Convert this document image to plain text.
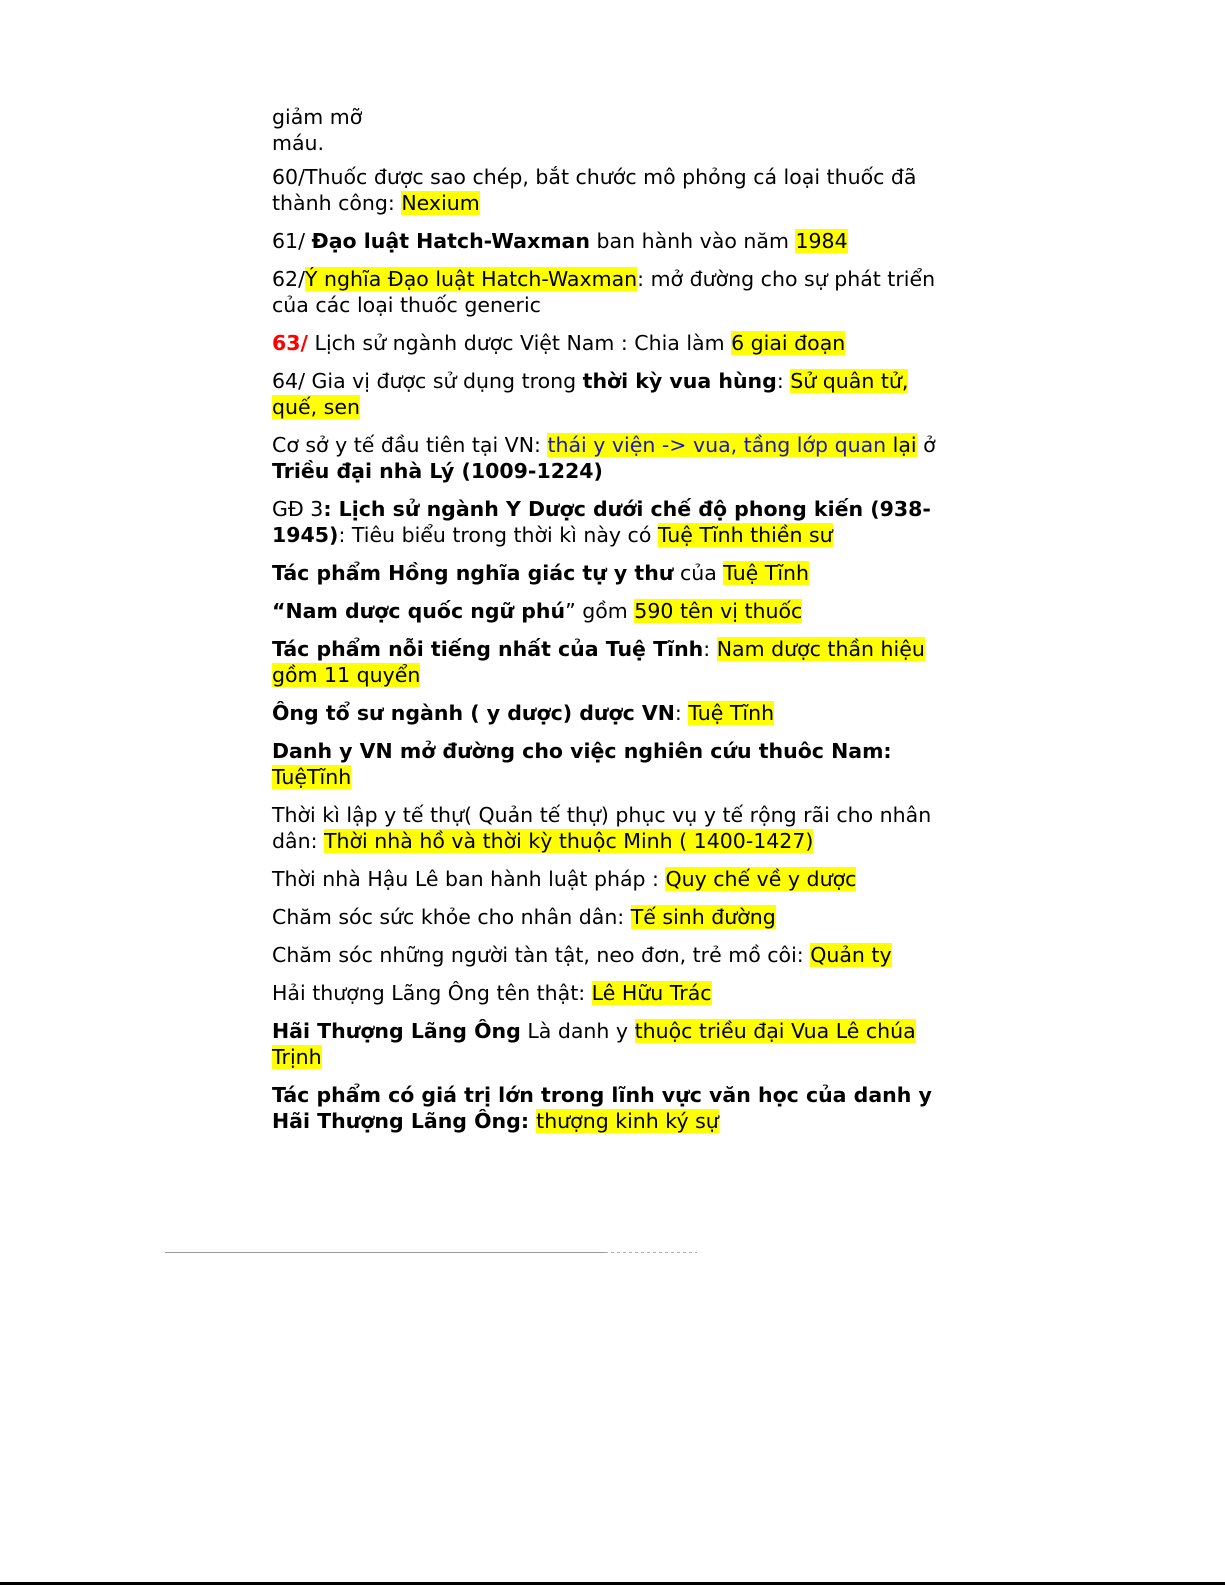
giảm mỡ
máu.

60/Thuốc được sao chép, bắt chước mô phỏng cá loại thuốc đã thành công: Nexium

61/ Đạo luật Hatch-Waxman ban hành vào năm 1984

62/Ý nghĩa Đạo luật Hatch-Waxman: mở đường cho sự phát triển của các loại thuốc generic

63/ Lịch sử ngành dược Việt Nam : Chia làm 6 giai đoạn

64/ Gia vị được sử dụng trong thời kỳ vua hùng: Sử quân tử, quế, sen

Cơ sở y tế đầu tiên tại VN: thái y viện -> vua, tầng lớp quan lại ở Triều đại nhà Lý (1009-1224)

GĐ 3: Lịch sử ngành Y Dược dưới chế độ phong kiến (938-1945): Tiêu biểu trong thời kì này có Tuệ Tĩnh thiền sư

Tác phẩm Hồng nghĩa giác tự y thư của Tuệ Tĩnh

“Nam dược quốc ngữ phú” gồm 590 tên vị thuốc

Tác phẩm nỗi tiếng nhất của Tuệ Tĩnh: Nam dược thần hiệu gồm 11 quyển

Ông tổ sư ngành ( y dược) dược VN: Tuệ Tĩnh

Danh y VN mở đường cho việc nghiên cứu thuôc Nam: TuệTĩnh

Thời kì lập y tế thự( Quản tế thự) phục vụ y tế rộng rãi cho nhân dân: Thời nhà hồ và thời kỳ thuộc Minh ( 1400-1427)

Thời nhà Hậu Lê ban hành luật pháp : Quy chế về y dược

Chăm sóc sức khỏe cho nhân dân: Tế sinh đường

Chăm sóc những người tàn tật, neo đơn, trẻ mồ côi: Quản ty

Hải thượng Lãng Ông tên thật: Lê Hữu Trác

Hãi Thượng Lãng Ông Là danh y thuộc triều đại Vua Lê chúa Trịnh

Tác phẩm có giá trị lớn trong lĩnh vực văn học của danh y Hãi Thượng Lãng Ông: thượng kinh ký sự
